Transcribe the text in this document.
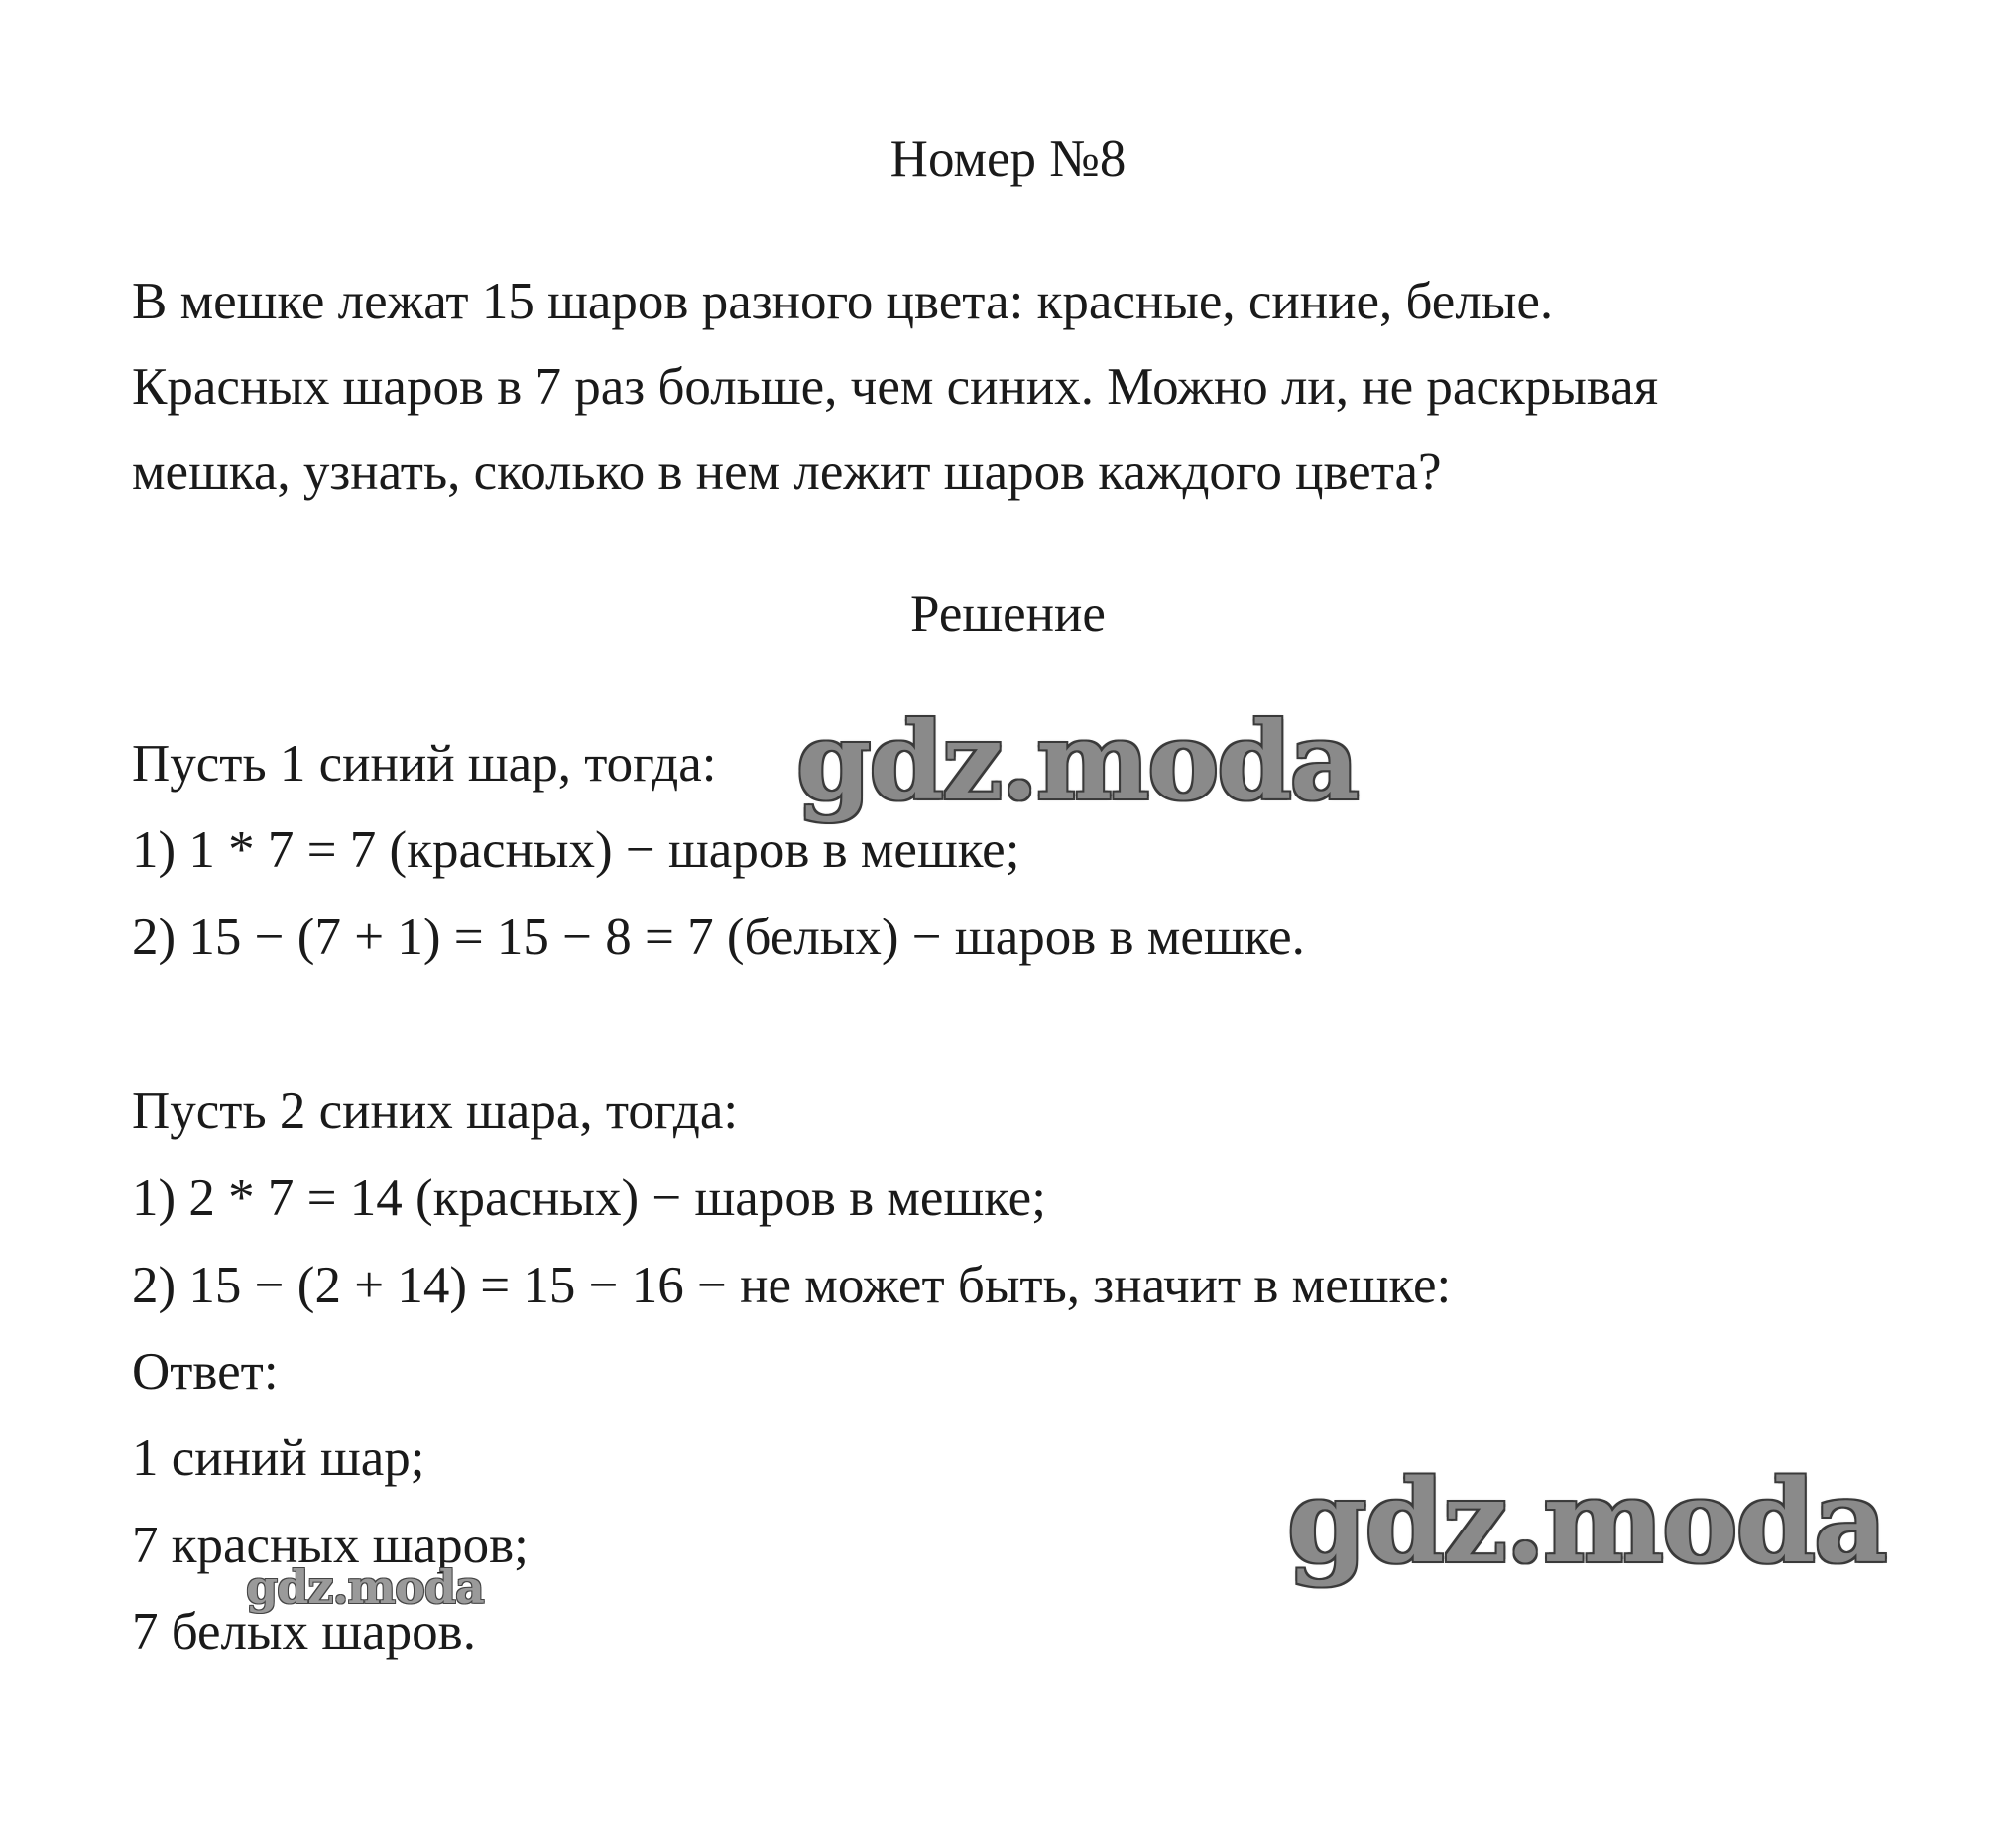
Номер №8
В мешке лежат 15 шаров разного цвета: красные, синие, белые.
Красных шаров в 7 раз больше, чем синих. Можно ли, не раскрывая
мешка, узнать, сколько в нем лежит шаров каждого цвета?
Решение
Пусть 1 синий шар, тогда:
1) 1 * 7 = 7 (красных) − шаров в мешке;
2) 15 − (7 + 1) = 15 − 8 = 7 (белых) − шаров в мешке.
Пусть 2 синих шара, тогда:
1) 2 * 7 = 14 (красных) − шаров в мешке;
2) 15 − (2 + 14) = 15 − 16 − не может быть, значит в мешке:
Ответ:
1 синий шар;
7 красных шаров;
7 белых шаров.
gdz.moda
gdz.moda
gdz.moda
